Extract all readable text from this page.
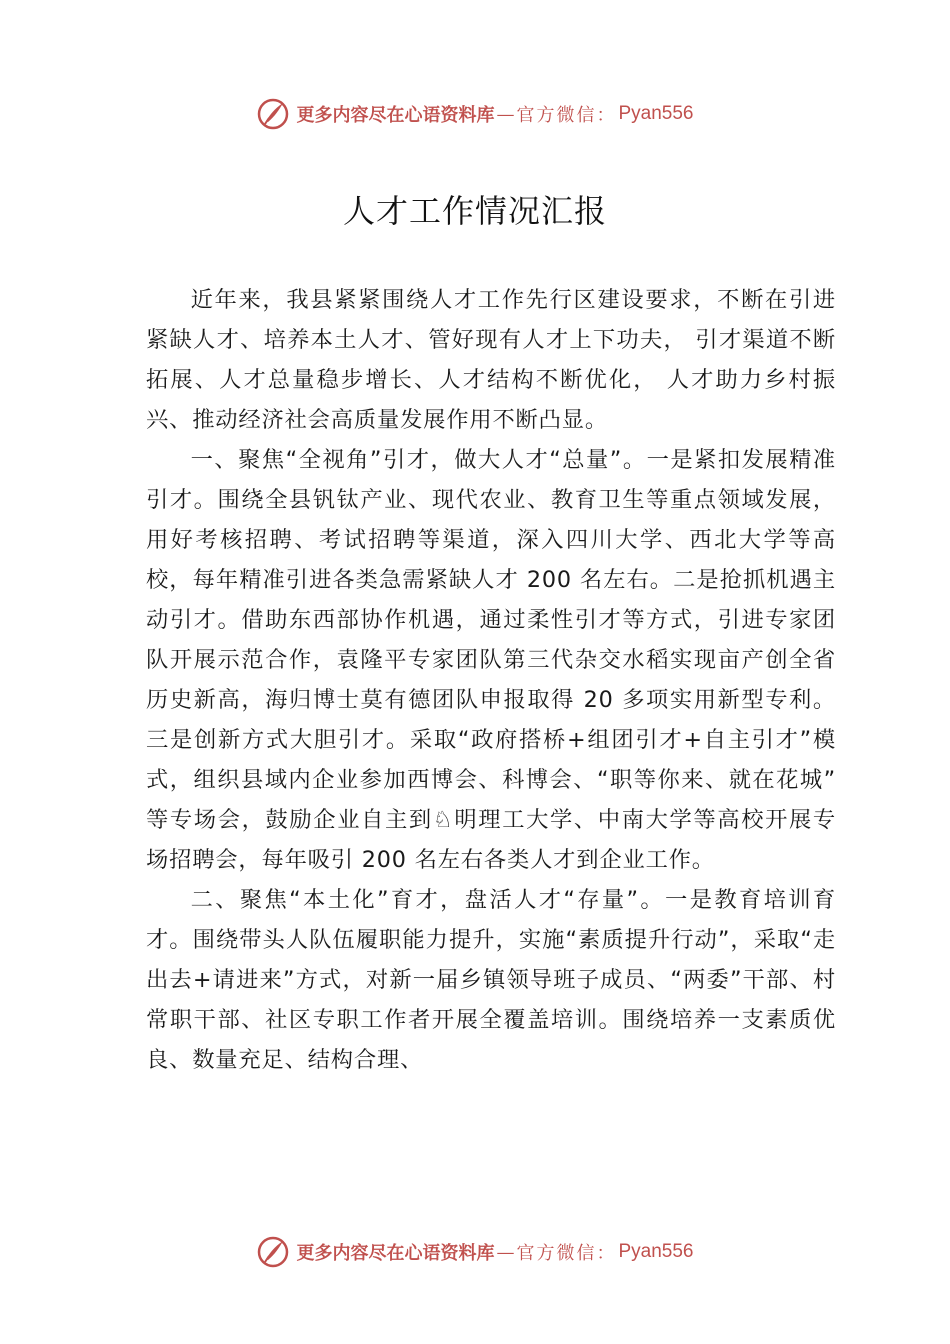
更多内容尽在心语资料库 — 官方微信： Pyan556
人才工作情况汇报

近年来，我县紧紧围绕人才工作先行区建设要求，不断在引进紧缺人才、培养本土人才、管好现有人才上下功夫， 引才渠道不断拓展、人才总量稳步增长、人才结构不断优化， 人才助力乡村振兴、推动经济社会高质量发展作用不断凸显。

一、聚焦“全视角”引才，做大人才“总量”。一是紧扣发展精准引才。围绕全县钒钛产业、现代农业、教育卫生等重点领域发展，用好考核招聘、考试招聘等渠道，深入四川大学、西北大学等高校，每年精准引进各类急需紧缺人才 200 名左右。二是抢抓机遇主动引才。借助东西部协作机遇，通过柔性引才等方式，引进专家团队开展示范合作，袁隆平专家团队第三代杂交水稻实现亩产创全省历史新高，海归博士莫有德团队申报取得 20 多项实用新型专利。三是创新方式大胆引才。采取“政府搭桥+组团引才+自主引才”模式，组织县域内企业参加西博会、科博会、“职等你来、就在花城” 等专场会，鼓励企业自主到♘明理工大学、中南大学等高校开展专场招聘会，每年吸引 200 名左右各类人才到企业工作。

二、聚焦“本土化”育才，盘活人才“存量”。一是教育培训育才。围绕带头人队伍履职能力提升，实施“素质提升行动”，采取“走出去+请进来”方式，对新一届乡镇领导班子成员、“两委”干部、村常职干部、社区专职工作者开展全覆盖培训。围绕培养一支素质优良、数量充足、结构合理、

更多内容尽在心语资料库 — 官方微信： Pyan556
